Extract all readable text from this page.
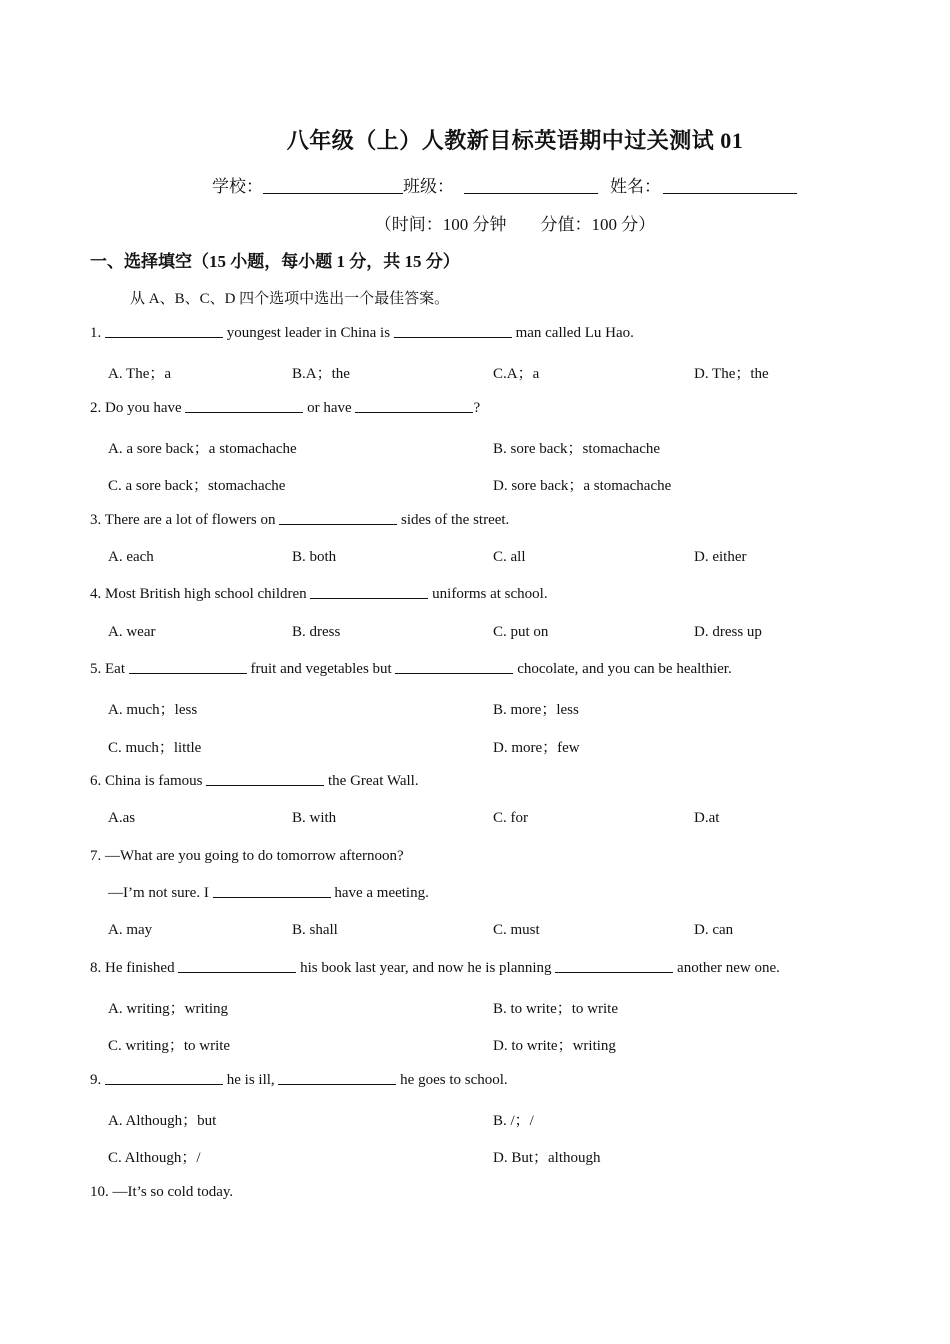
八年级（上）人教新目标英语期中过关测试 01
学校：	班级：	姓名：
（时间：100 分钟　　分值：100 分）
一、选择填空（15 小题，每小题 1 分，共 15 分）
从 A、B、C、D 四个选项中选出一个最佳答案。
1.	youngest leader in China is	man called Lu Hao.
A. The；a	B.A；the	C.A；a	D. The；the
2. Do you have	or have	?
A. a sore back；a stomachache	B. sore back；stomachache
C. a sore back；stomachache	D. sore back；a stomachache
3. There are a lot of flowers on	sides of the street.
A. each	B. both	C. all	D. either
4. Most British high school children	uniforms at school.
A. wear	B. dress	C. put on	D. dress up
5. Eat	fruit and vegetables but	chocolate, and you can be healthier.
A. much；less	B. more；less
C. much；little	D. more；few
6. China is famous	the Great Wall.
A.as	B. with	C. for	D.at
7. —What are you going to do tomorrow afternoon?
—I’m not sure. I	have a meeting.
A. may	B. shall	C. must	D. can
8. He finished	his book last year, and now he is planning	another new one.
A. writing；writing	B. to write；to write
C. writing；to write	D. to write；writing
9.	he is ill,	he goes to school.
A. Although；but	B. /；/
C. Although；/	D. But；although
10. —It’s so cold today.
